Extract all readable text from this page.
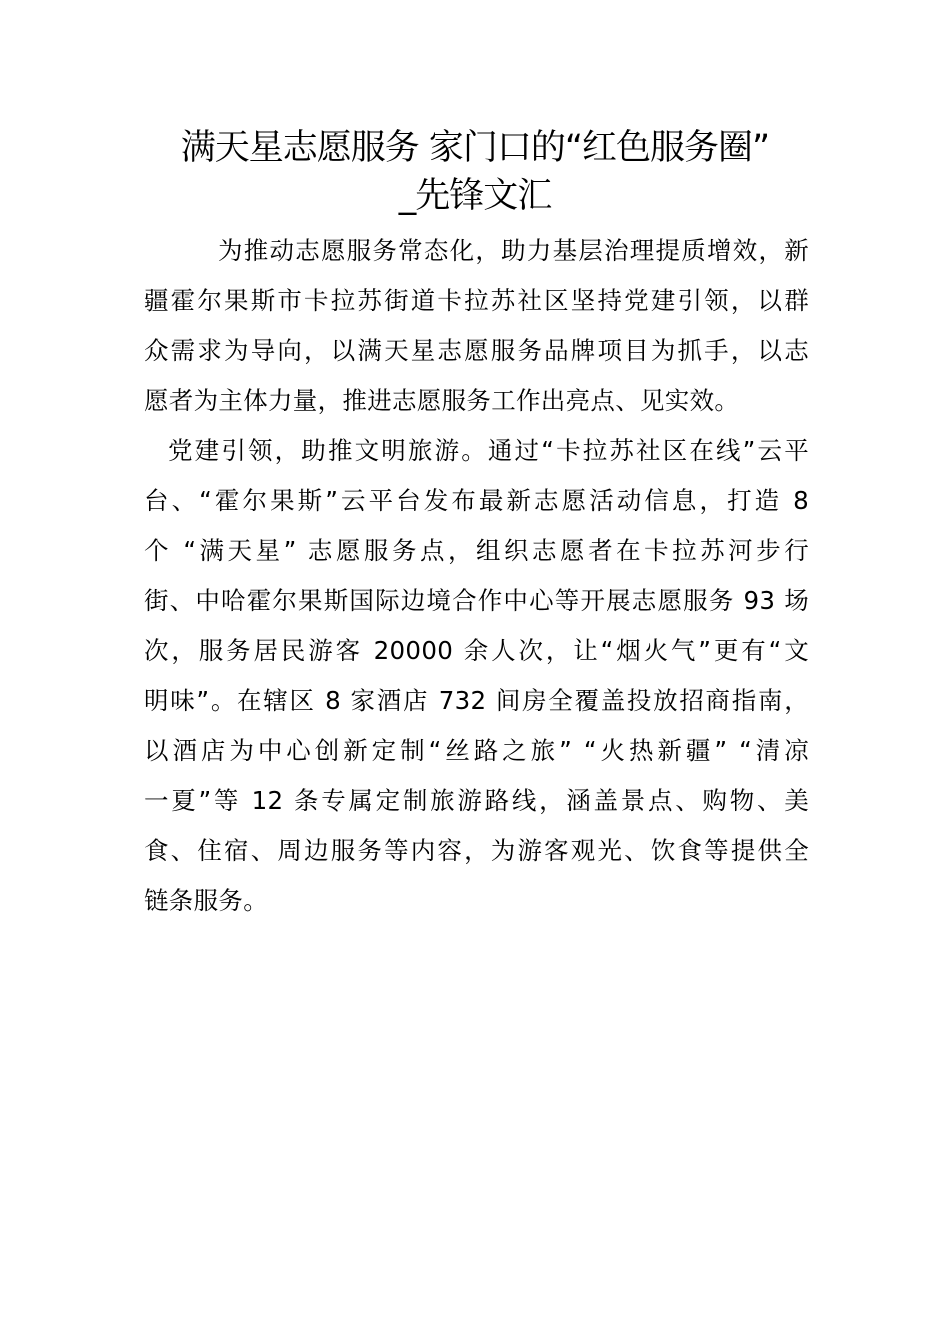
满天星志愿服务 家门口的“红色服务圈”
_先锋文汇

为推动志愿服务常态化，助力基层治理提质增效，新
疆霍尔果斯市卡拉苏街道卡拉苏社区坚持党建引领，以群
众需求为导向，以满天星志愿服务品牌项目为抓手，以志
愿者为主体力量，推进志愿服务工作出亮点、见实效。

党建引领，助推文明旅游。通过“卡拉苏社区在线”云平
台、“霍尔果斯”云平台发布最新志愿活动信息，打造 8
个 “满天星” 志愿服务点，组织志愿者在卡拉苏河步行
街、中哈霍尔果斯国际边境合作中心等开展志愿服务 93 场
次，服务居民游客 20000 余人次，让“烟火气”更有“文
明味”。在辖区 8 家酒店 732 间房全覆盖投放招商指南，
以酒店为中心创新定制“丝路之旅” “火热新疆” “清凉
一夏”等 12 条专属定制旅游路线，涵盖景点、购物、美
食、住宿、周边服务等内容，为游客观光、饮食等提供全
链条服务。
